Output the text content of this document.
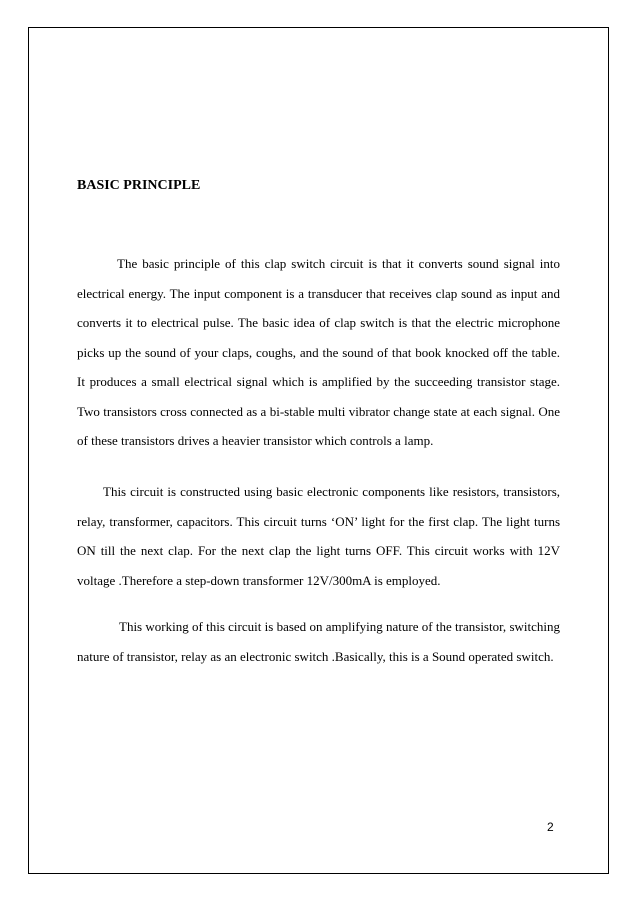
BASIC PRINCIPLE

The basic principle of this clap switch circuit is that it converts sound signal into electrical energy. The input component is a transducer that receives clap sound as input and converts it to electrical pulse. The basic idea of clap switch is that the electric microphone picks up the sound of your claps, coughs, and the sound of that book knocked off the table. It produces a small electrical signal which is amplified by the succeeding transistor stage. Two transistors cross connected as a bi-stable multi vibrator change state at each signal. One of these transistors drives a heavier transistor which controls a lamp.

This circuit is constructed using basic electronic components like resistors, transistors, relay, transformer, capacitors. This circuit turns ‘ON’ light for the first clap. The light turns ON till the next clap. For the next clap the light turns OFF. This circuit works with 12V voltage .Therefore a step-down transformer 12V/300mA is employed.

This working of this circuit is based on amplifying nature of the transistor, switching nature of transistor, relay as an electronic switch .Basically, this is a Sound operated switch.

2
